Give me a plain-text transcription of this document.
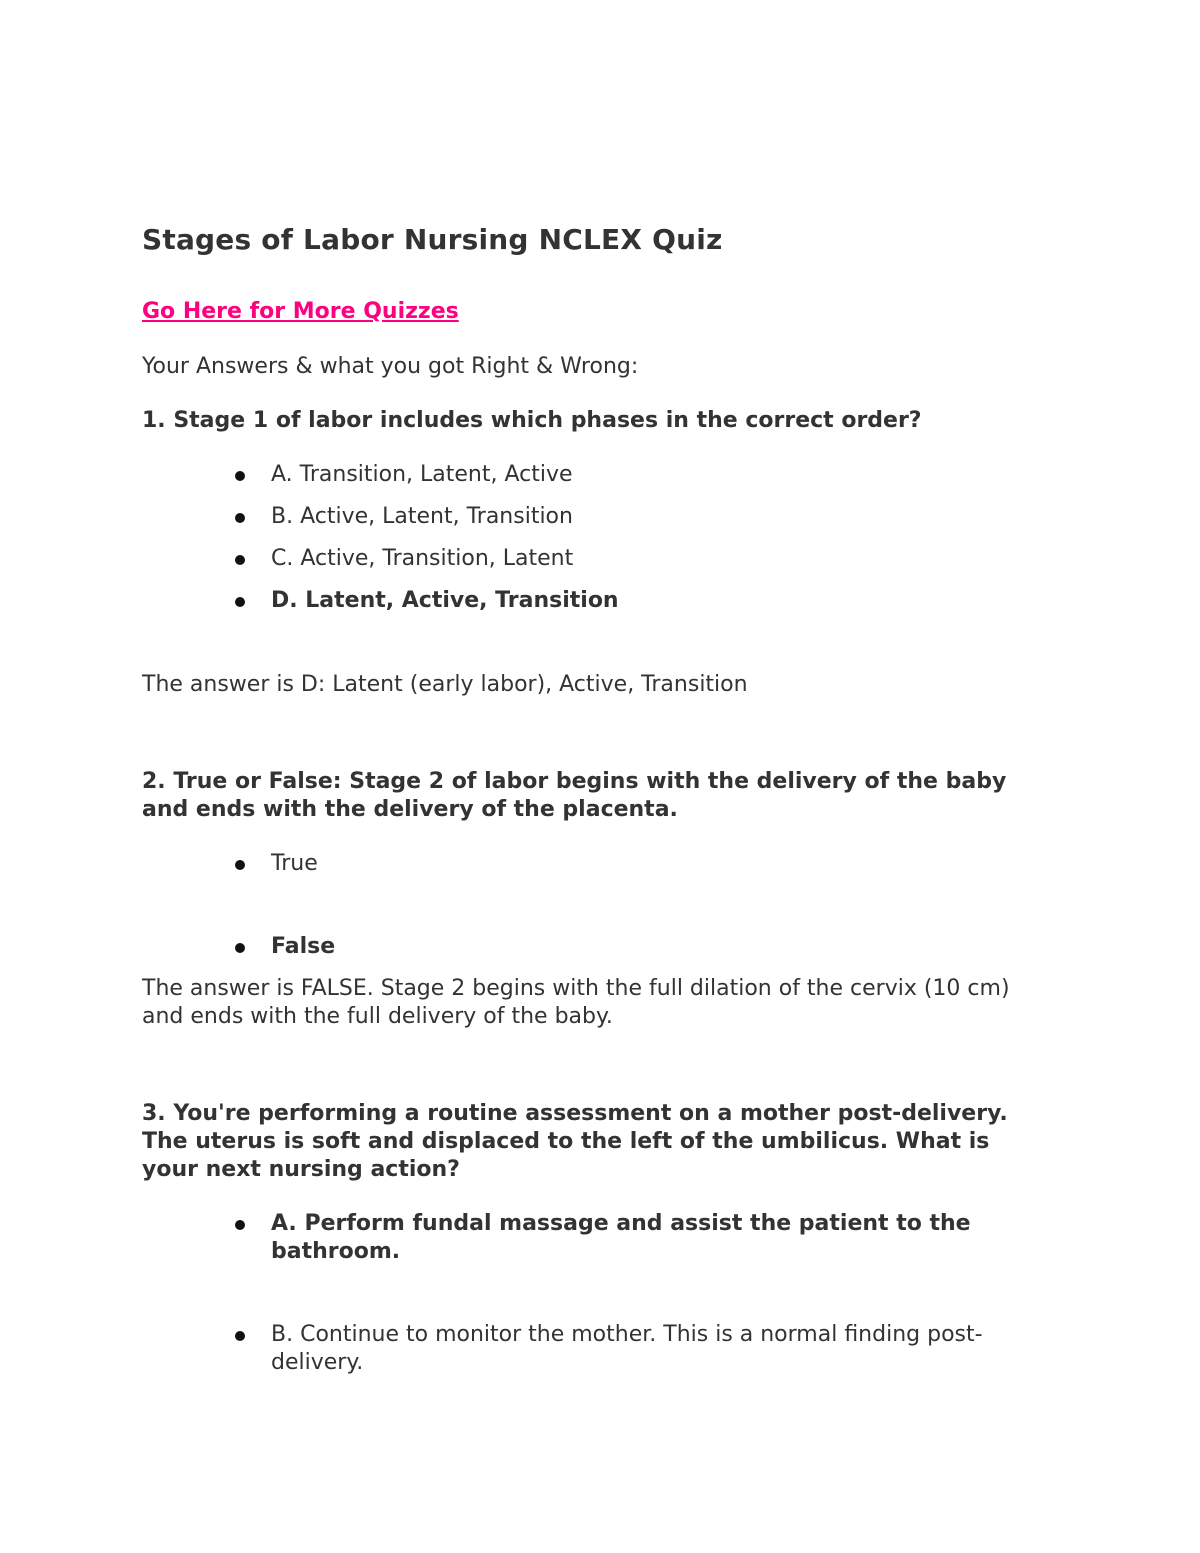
Stages of Labor Nursing NCLEX Quiz
Go Here for More Quizzes

Your Answers & what you got Right & Wrong:

1. Stage 1 of labor includes which phases in the correct order?

A. Transition, Latent, Active
B. Active, Latent, Transition
C. Active, Transition, Latent
D. Latent, Active, Transition

The answer is D: Latent (early labor), Active, Transition

2. True or False: Stage 2 of labor begins with the delivery of the baby and ends with the delivery of the placenta.

True
False

The answer is FALSE. Stage 2 begins with the full dilation of the cervix (10 cm) and ends with the full delivery of the baby.

3. You're performing a routine assessment on a mother post-delivery. The uterus is soft and displaced to the left of the umbilicus. What is your next nursing action?

A. Perform fundal massage and assist the patient to the bathroom.
B. Continue to monitor the mother. This is a normal finding post-delivery.
